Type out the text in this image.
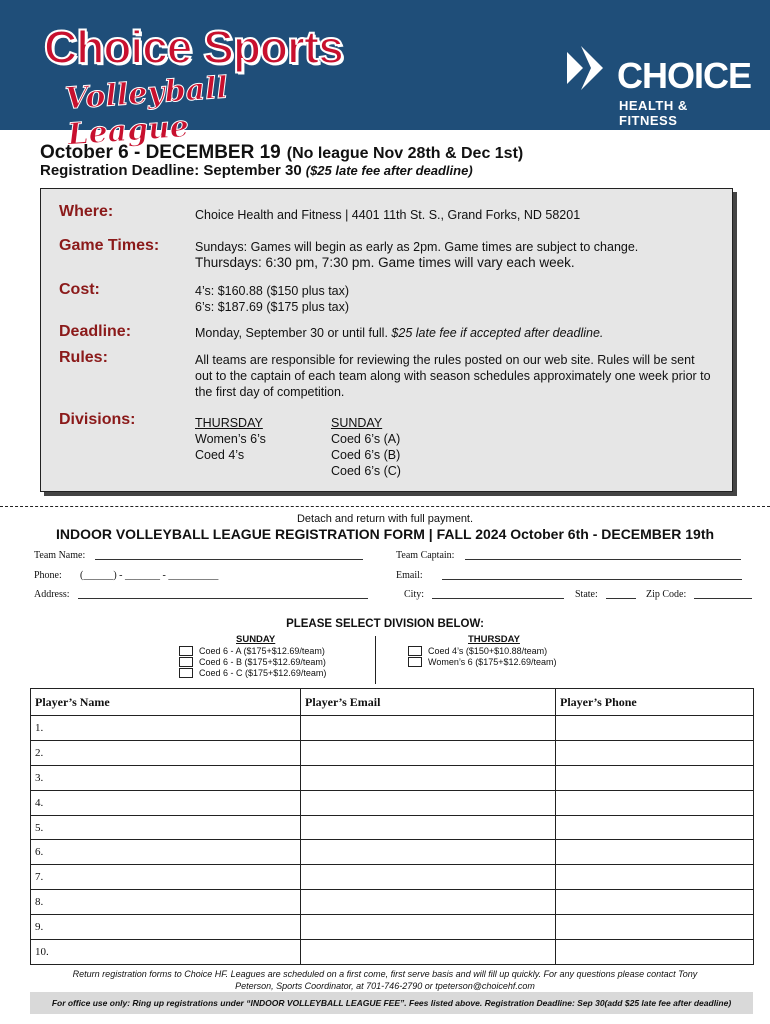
Choice Sports
Volleyball League
CHOICE
HEALTH & FITNESS
October 6 - DECEMBER 19 (No league Nov 28th & Dec 1st)
Registration Deadline: September 30 ($25 late fee after deadline)
Where:	Choice Health and Fitness | 4401 11th St. S., Grand Forks, ND 58201
Game Times:	Sundays: Games will begin as early as 2pm. Game times are subject to change.
Thursdays: 6:30 pm, 7:30 pm. Game times will vary each week.
Cost:	4’s: $160.88 ($150 plus tax)
6’s: $187.69 ($175 plus tax)
Deadline:	Monday, September 30 or until full. $25 late fee if accepted after deadline.
Rules:	All teams are responsible for reviewing the rules posted on our web site. Rules will be sent out to the captain of each team along with season schedules approximately one week prior to the first day of competition.
Divisions:	THURSDAY
Women’s 6’s
Coed 4’s
SUNDAY
Coed 6’s (A)
Coed 6’s (B)
Coed 6’s (C)
Detach and return with full payment.
INDOOR VOLLEYBALL LEAGUE REGISTRATION FORM | FALL 2024 October 6th - DECEMBER 19th
Team Name:	Team Captain:
Phone: (______) - _______ - __________	Email:
Address:	City:	State:	Zip Code:
PLEASE SELECT DIVISION BELOW:
SUNDAY
Coed 6 - A ($175+$12.69/team)
Coed 6 - B ($175+$12.69/team)
Coed 6 - C ($175+$12.69/team)
THURSDAY
Coed 4’s ($150+$10.88/team)
Women’s 6 ($175+$12.69/team)
Player’s Name	Player’s Email	Player’s Phone
1.		
2.		
3.		
4.		
5.		
6.		
7.		
8.		
9.		
10.		
Return registration forms to Choice HF. Leagues are scheduled on a first come, first serve basis and will fill up quickly. For any questions please contact Tony Peterson, Sports Coordinator, at 701-746-2790 or tpeterson@choicehf.com
For office use only: Ring up registrations under “INDOOR VOLLEYBALL LEAGUE FEE”. Fees listed above. Registration Deadline: Sep 30(add $25 late fee after deadline)
